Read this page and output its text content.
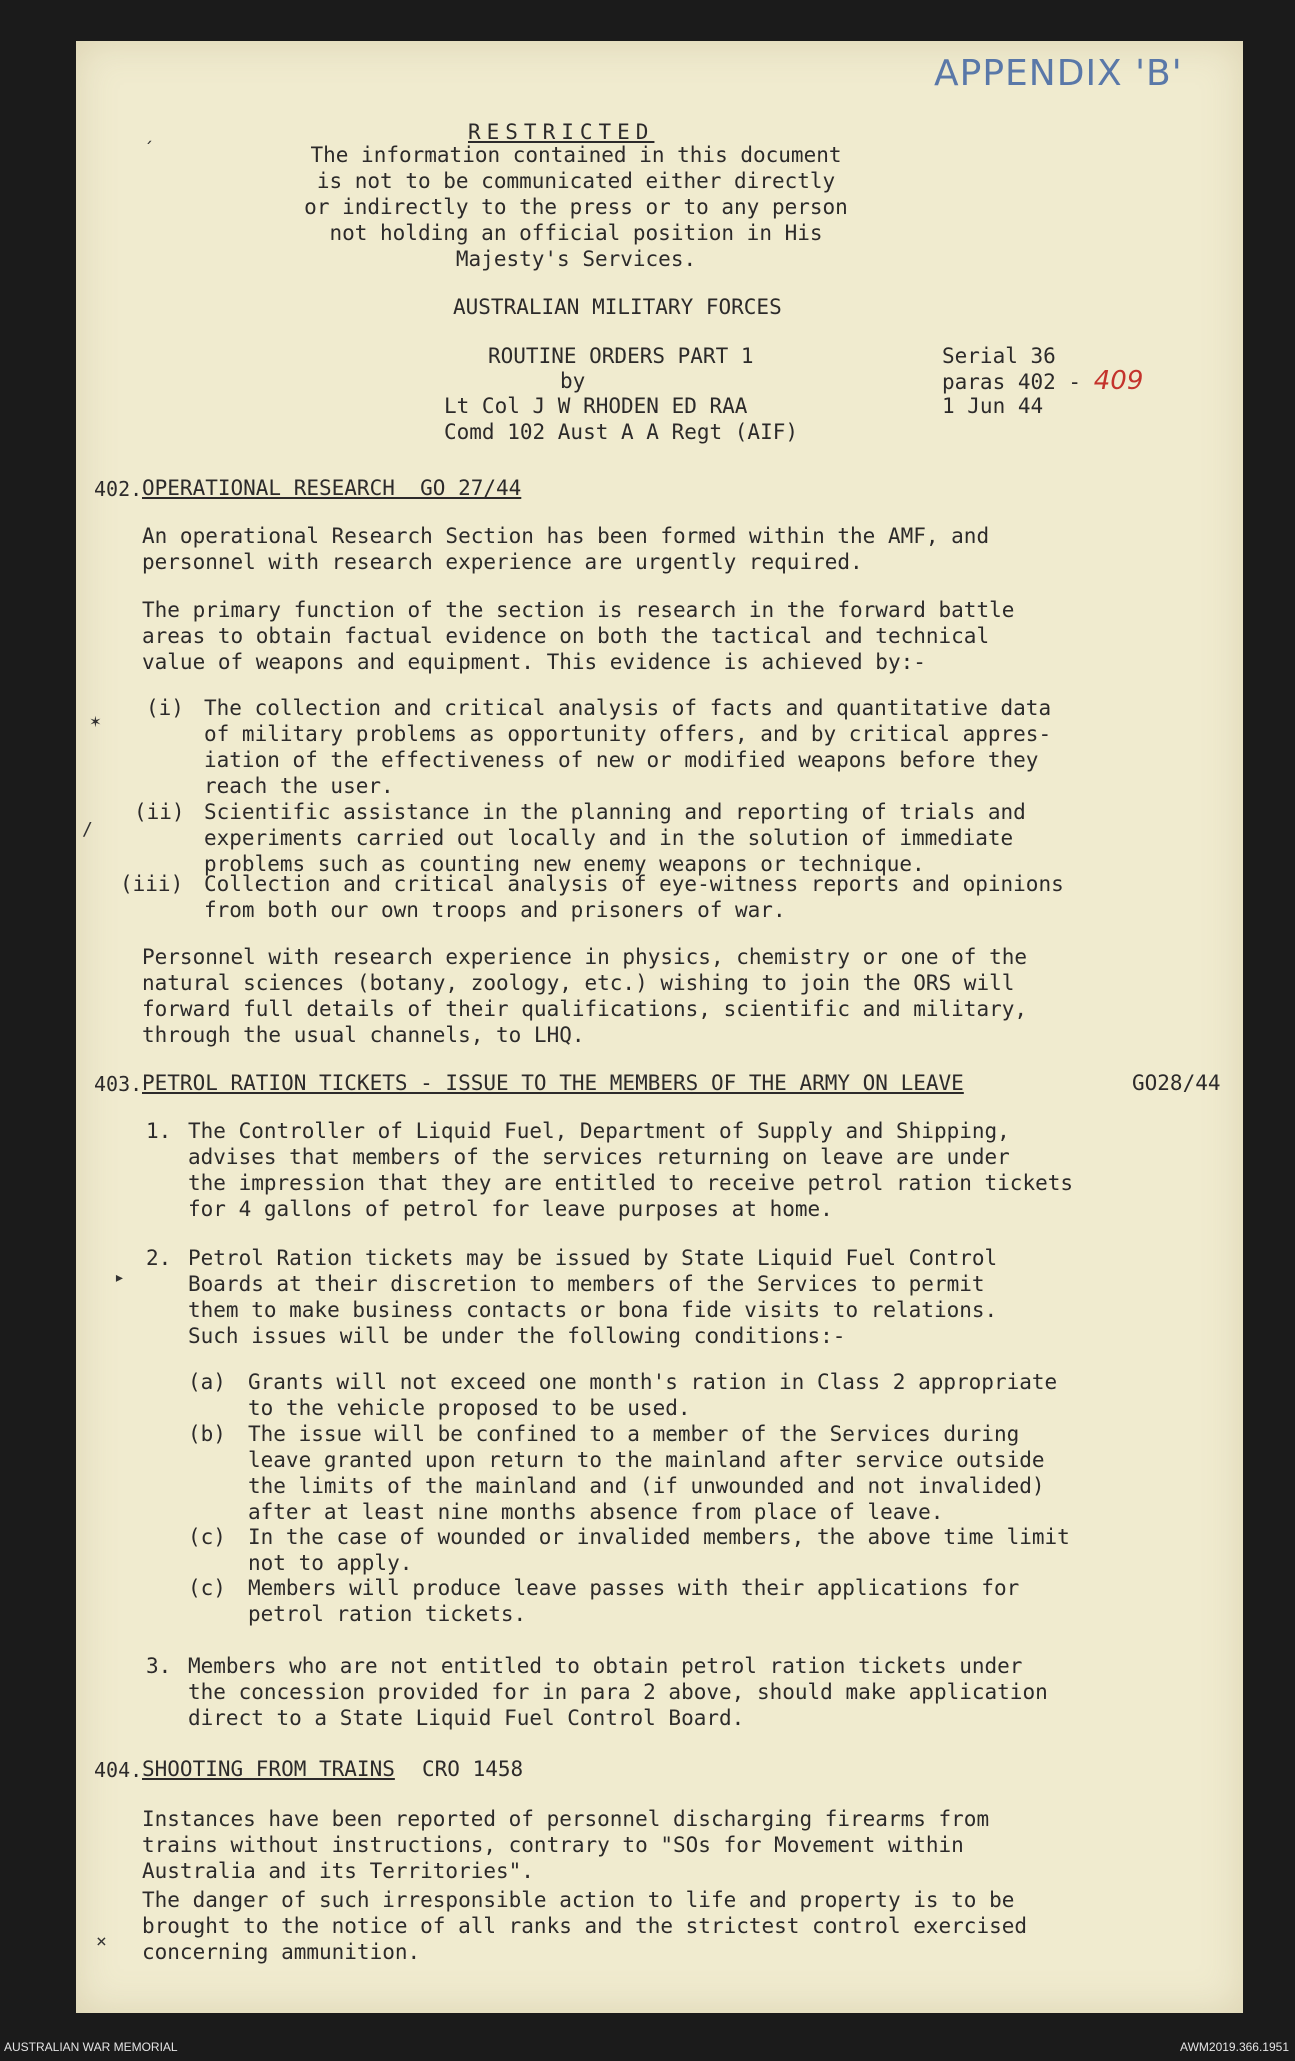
APPENDIX 'B'
RESTRICTED
The information contained in this document
is not to be communicated either directly
or indirectly to the press or to any person
not holding an official position in His
Majesty's Services.
AUSTRALIAN MILITARY FORCES
ROUTINE ORDERS PART 1
by
Lt Col J W RHODEN ED RAA
Comd 102 Aust A A Regt (AIF)
Serial 36
paras 402 - 409
1 Jun 44
402. OPERATIONAL RESEARCH  GO 27/44
An operational Research Section has been formed within the AMF, and
personnel with research experience are urgently required.
The primary function of the section is research in the forward battle
areas to obtain factual evidence on both the tactical and technical
value of weapons and equipment. This evidence is achieved by:-
(i) The collection and critical analysis of facts and quantitative data
of military problems as opportunity offers, and by critical appres-
iation of the effectiveness of new or modified weapons before they
reach the user.
(ii) Scientific assistance in the planning and reporting of trials and
experiments carried out locally and in the solution of immediate
problems such as counting new enemy weapons or technique.
(iii) Collection and critical analysis of eye-witness reports and opinions
from both our own troops and prisoners of war.
Personnel with research experience in physics, chemistry or one of the
natural sciences (botany, zoology, etc.) wishing to join the ORS will
forward full details of their qualifications, scientific and military,
through the usual channels, to LHQ.
403. PETROL RATION TICKETS - ISSUE TO THE MEMBERS OF THE ARMY ON LEAVE	GO28/44
1. The Controller of Liquid Fuel, Department of Supply and Shipping,
advises that members of the services returning on leave are under
the impression that they are entitled to receive petrol ration tickets
for 4 gallons of petrol for leave purposes at home.
2. Petrol Ration tickets may be issued by State Liquid Fuel Control
Boards at their discretion to members of the Services to permit
them to make business contacts or bona fide visits to relations.
Such issues will be under the following conditions:-
(a) Grants will not exceed one month's ration in Class 2 appropriate
to the vehicle proposed to be used.
(b) The issue will be confined to a member of the Services during
leave granted upon return to the mainland after service outside
the limits of the mainland and (if unwounded and not invalided)
after at least nine months absence from place of leave.
(c) In the case of wounded or invalided members, the above time limit
not to apply.
(c) Members will produce leave passes with their applications for
petrol ration tickets.
3. Members who are not entitled to obtain petrol ration tickets under
the concession provided for in para 2 above, should make application
direct to a State Liquid Fuel Control Board.
404. SHOOTING FROM TRAINS CRO 1458
Instances have been reported of personnel discharging firearms from
trains without instructions, contrary to "SOs for Movement within
Australia and its Territories".
The danger of such irresponsible action to life and property is to be
brought to the notice of all ranks and the strictest control exercised
concerning ammunition.
ˏ
✶
/
▸
×
AUSTRALIAN WAR MEMORIAL	AWM2019.366.1951
